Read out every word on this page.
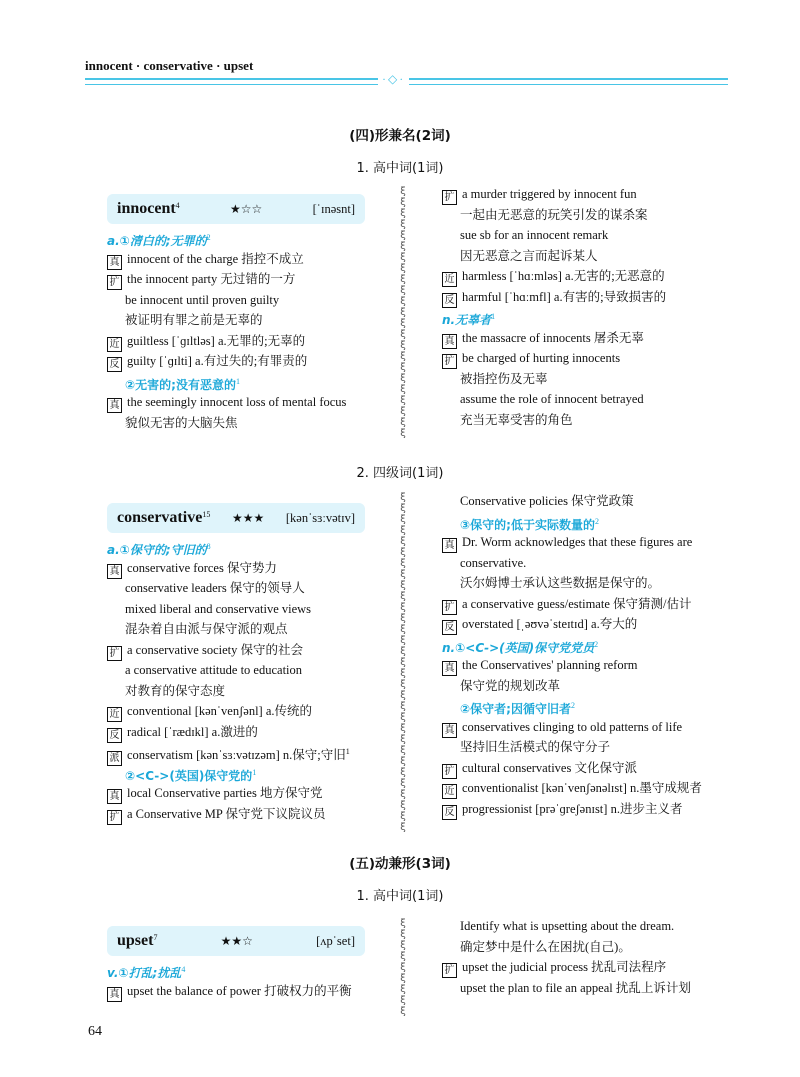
innocent · conservative · upset
·◇·
(四)形兼名(2词)
1. 高中词(1词)
innocent$^4$	★☆☆	[ˈɪnəsnt]
a.①清白的;无罪的$^2$
真 innocent of the charge 指控不成立
扩 the innocent party 无过错的一方
be innocent until proven guilty
被证明有罪之前是无辜的
近 guiltless [ˈɡɪltləs] a.无罪的;无辜的
反 guilty [ˈɡɪlti] a.有过失的;有罪责的
②无害的;没有恶意的$^1$
真 the seemingly innocent loss of mental focus
貌似无害的大脑失焦
ξ
ξ
ξ
ξ
ξ
ξ
ξ
ξ
ξ
ξ
ξ
ξ
ξ
ξ
ξ
ξ
ξ
ξ
ξ
ξ
ξ
ξ
ξ
扩 a murder triggered by innocent fun
一起由无恶意的玩笑引发的谋杀案
sue sb for an innocent remark
因无恶意之言而起诉某人
近 harmless [ˈhɑːmləs] a.无害的;无恶意的
反 harmful [ˈhɑːmfl] a.有害的;导致损害的
n.无辜者$^1$
真 the massacre of innocents 屠杀无辜
扩 be charged of hurting innocents
被指控伤及无辜
assume the role of innocent betrayed
充当无辜受害的角色
2. 四级词(1词)
conservative$^{15}$ ★★★ [kənˈsɜːvətɪv]
a.①保守的;守旧的$^8$
真 conservative forces 保守势力
conservative leaders 保守的领导人
mixed liberal and conservative views
混杂着自由派与保守派的观点
扩 a conservative society 保守的社会
a conservative attitude to education
对教育的保守态度
近 conventional [kənˈvenʃənl] a.传统的
反 radical [ˈrædɪkl] a.激进的
派 conservatism [kənˈsɜːvətɪzəm] n.保守;守旧$^1$
②<C->(英国)保守党的$^1$
真 local Conservative parties 地方保守党
扩 a Conservative MP 保守党下议院议员
ξ
ξ
ξ
ξ
ξ
ξ
ξ
ξ
ξ
ξ
ξ
ξ
ξ
ξ
ξ
ξ
ξ
ξ
ξ
ξ
ξ
ξ
ξ
ξ
ξ
ξ
ξ
ξ
ξ
ξ
ξ
Conservative policies 保守党政策
③保守的;低于实际数量的$^2$
真 Dr. Worm acknowledges that these figures are
conservative.
沃尔姆博士承认这些数据是保守的。
扩 a conservative guess/estimate 保守猜测/估计
反 overstated [ˌəʊvəˈsteɪtɪd] a.夸大的
n.①<C->(英国)保守党党员$^2$
真 the Conservatives' planning reform
保守党的规划改革
②保守者;因循守旧者$^2$
真 conservatives clinging to old patterns of life
坚持旧生活模式的保守分子
扩 cultural conservatives 文化保守派
近 conventionalist [kənˈvenʃənəlɪst] n.墨守成规者
反 progressionist [prəˈɡreʃənɪst] n.进步主义者
(五)动兼形(3词)
1. 高中词(1词)
upset$^7$	★★☆	[ʌpˈset]
v.①打乱;扰乱$^4$
真 upset the balance of power 打破权力的平衡
ξ
ξ
ξ
ξ
ξ
ξ
ξ
ξ
ξ
Identify what is upsetting about the dream.
确定梦中是什么在困扰(自己)。
扩 upset the judicial process 扰乱司法程序
upset the plan to file an appeal 扰乱上诉计划
64
